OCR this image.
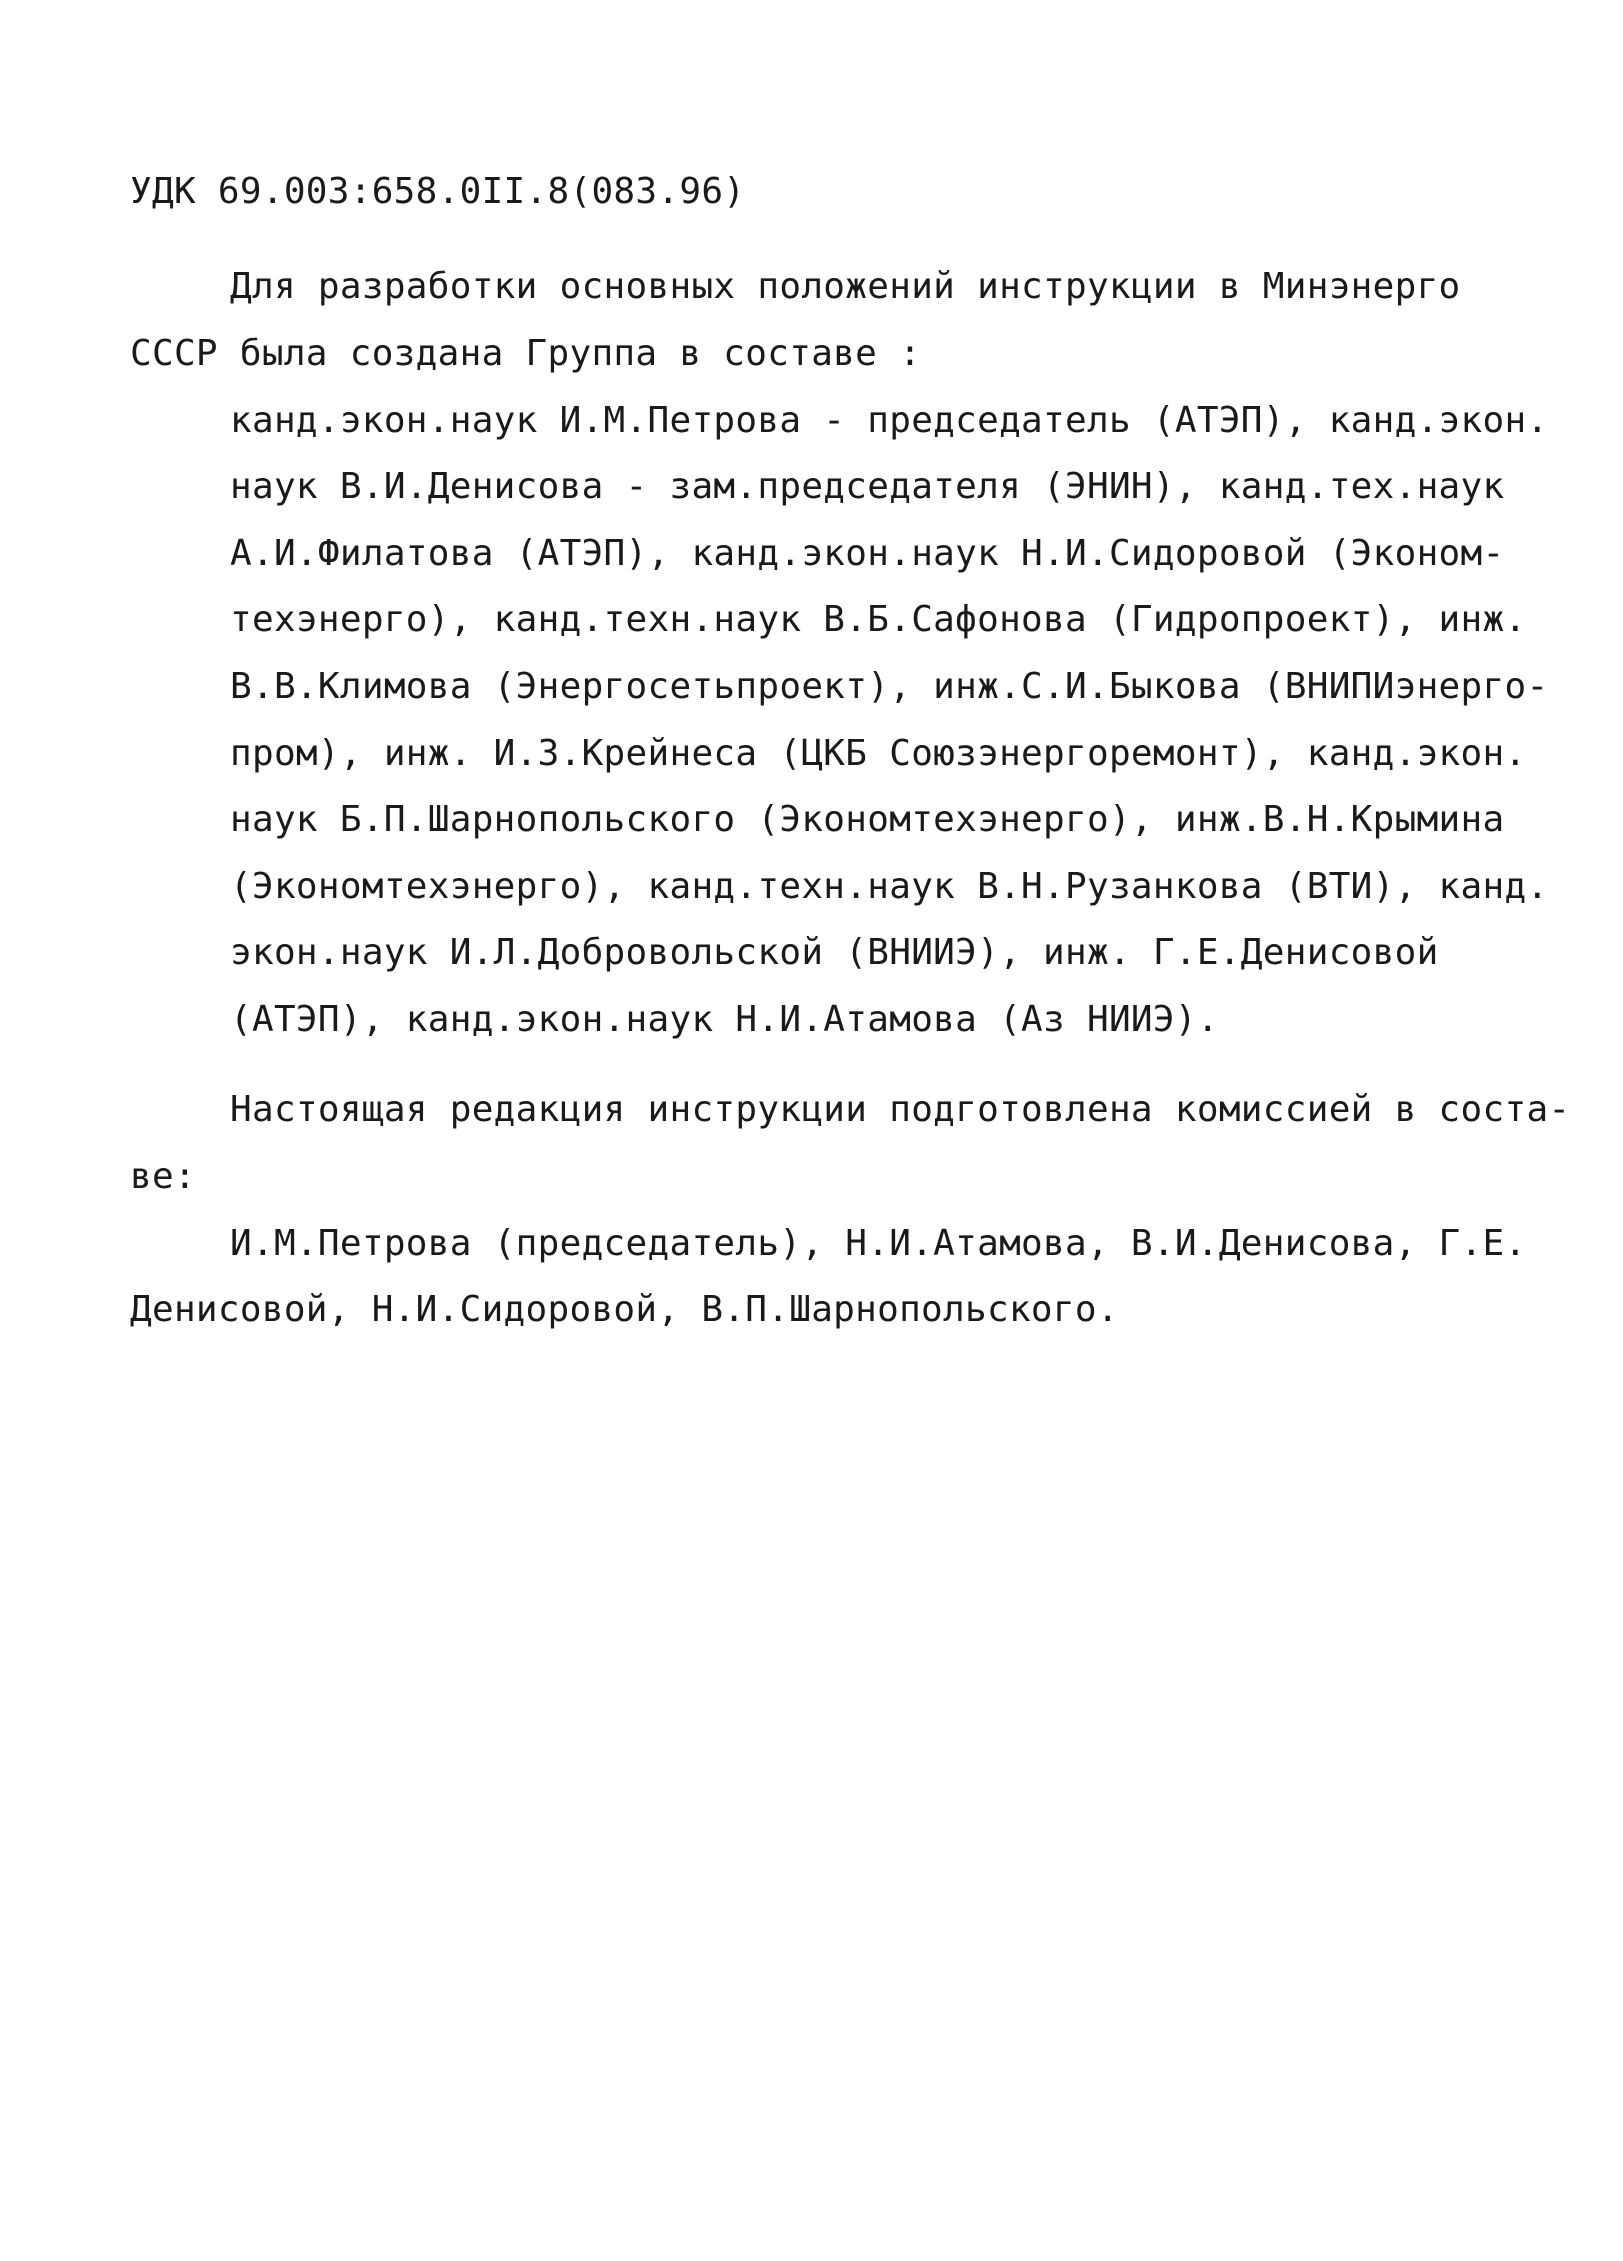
УДК 69.003:658.0II.8(083.96)
Для разработки основных положений инструкции в Минэнерго
СССР была создана Группа в составе :
канд.экон.наук И.М.Петрова - председатель (АТЭП), канд.экон.
наук В.И.Денисова - зам.председателя (ЭНИН), канд.тех.наук
А.И.Филатова (АТЭП), канд.экон.наук Н.И.Сидоровой (Эконом-
техэнерго), канд.техн.наук В.Б.Сафонова (Гидропроект), инж.
В.В.Климова (Энергосетьпроект), инж.С.И.Быкова (ВНИПИэнерго-
пром), инж. И.З.Крейнеса (ЦКБ Союзэнергоремонт), канд.экон.
наук Б.П.Шарнопольского (Экономтехэнерго), инж.В.Н.Крымина
(Экономтехэнерго), канд.техн.наук В.Н.Рузанкова (ВТИ), канд.
экон.наук И.Л.Добровольской (ВНИИЭ), инж. Г.Е.Денисовой
(АТЭП), канд.экон.наук Н.И.Атамова (Аз НИИЭ).
Настоящая редакция инструкции подготовлена комиссией в соста-
ве:
И.М.Петрова (председатель), Н.И.Атамова, В.И.Денисова, Г.Е.
Денисовой, Н.И.Сидоровой, В.П.Шарнопольского.
